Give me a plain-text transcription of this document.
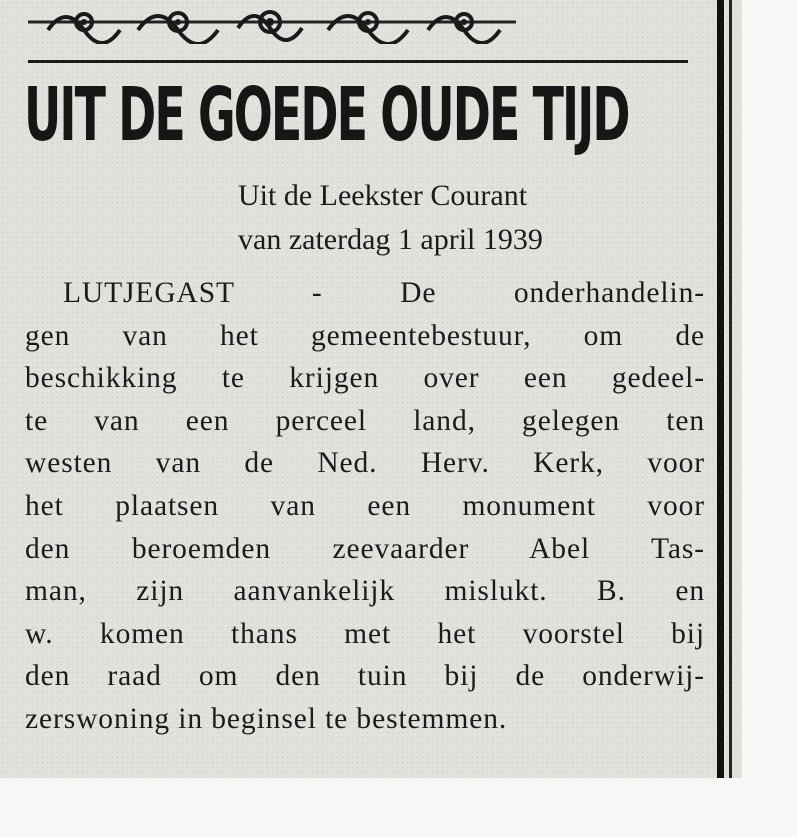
UIT DE GOEDE OUDE TIJD
Uit de Leekster Courant
van zaterdag 1 april 1939
LUTJEGAST - De onderhandelin-
gen van het gemeentebestuur, om de
beschikking te krijgen over een gedeel-
te van een perceel land, gelegen ten
westen van de Ned. Herv. Kerk, voor
het plaatsen van een monument voor
den beroemden zeevaarder Abel Tas-
man, zijn aanvankelijk mislukt. B. en
w. komen thans met het voorstel bij
den raad om den tuin bij de onderwij-
zerswoning in beginsel te bestemmen.
